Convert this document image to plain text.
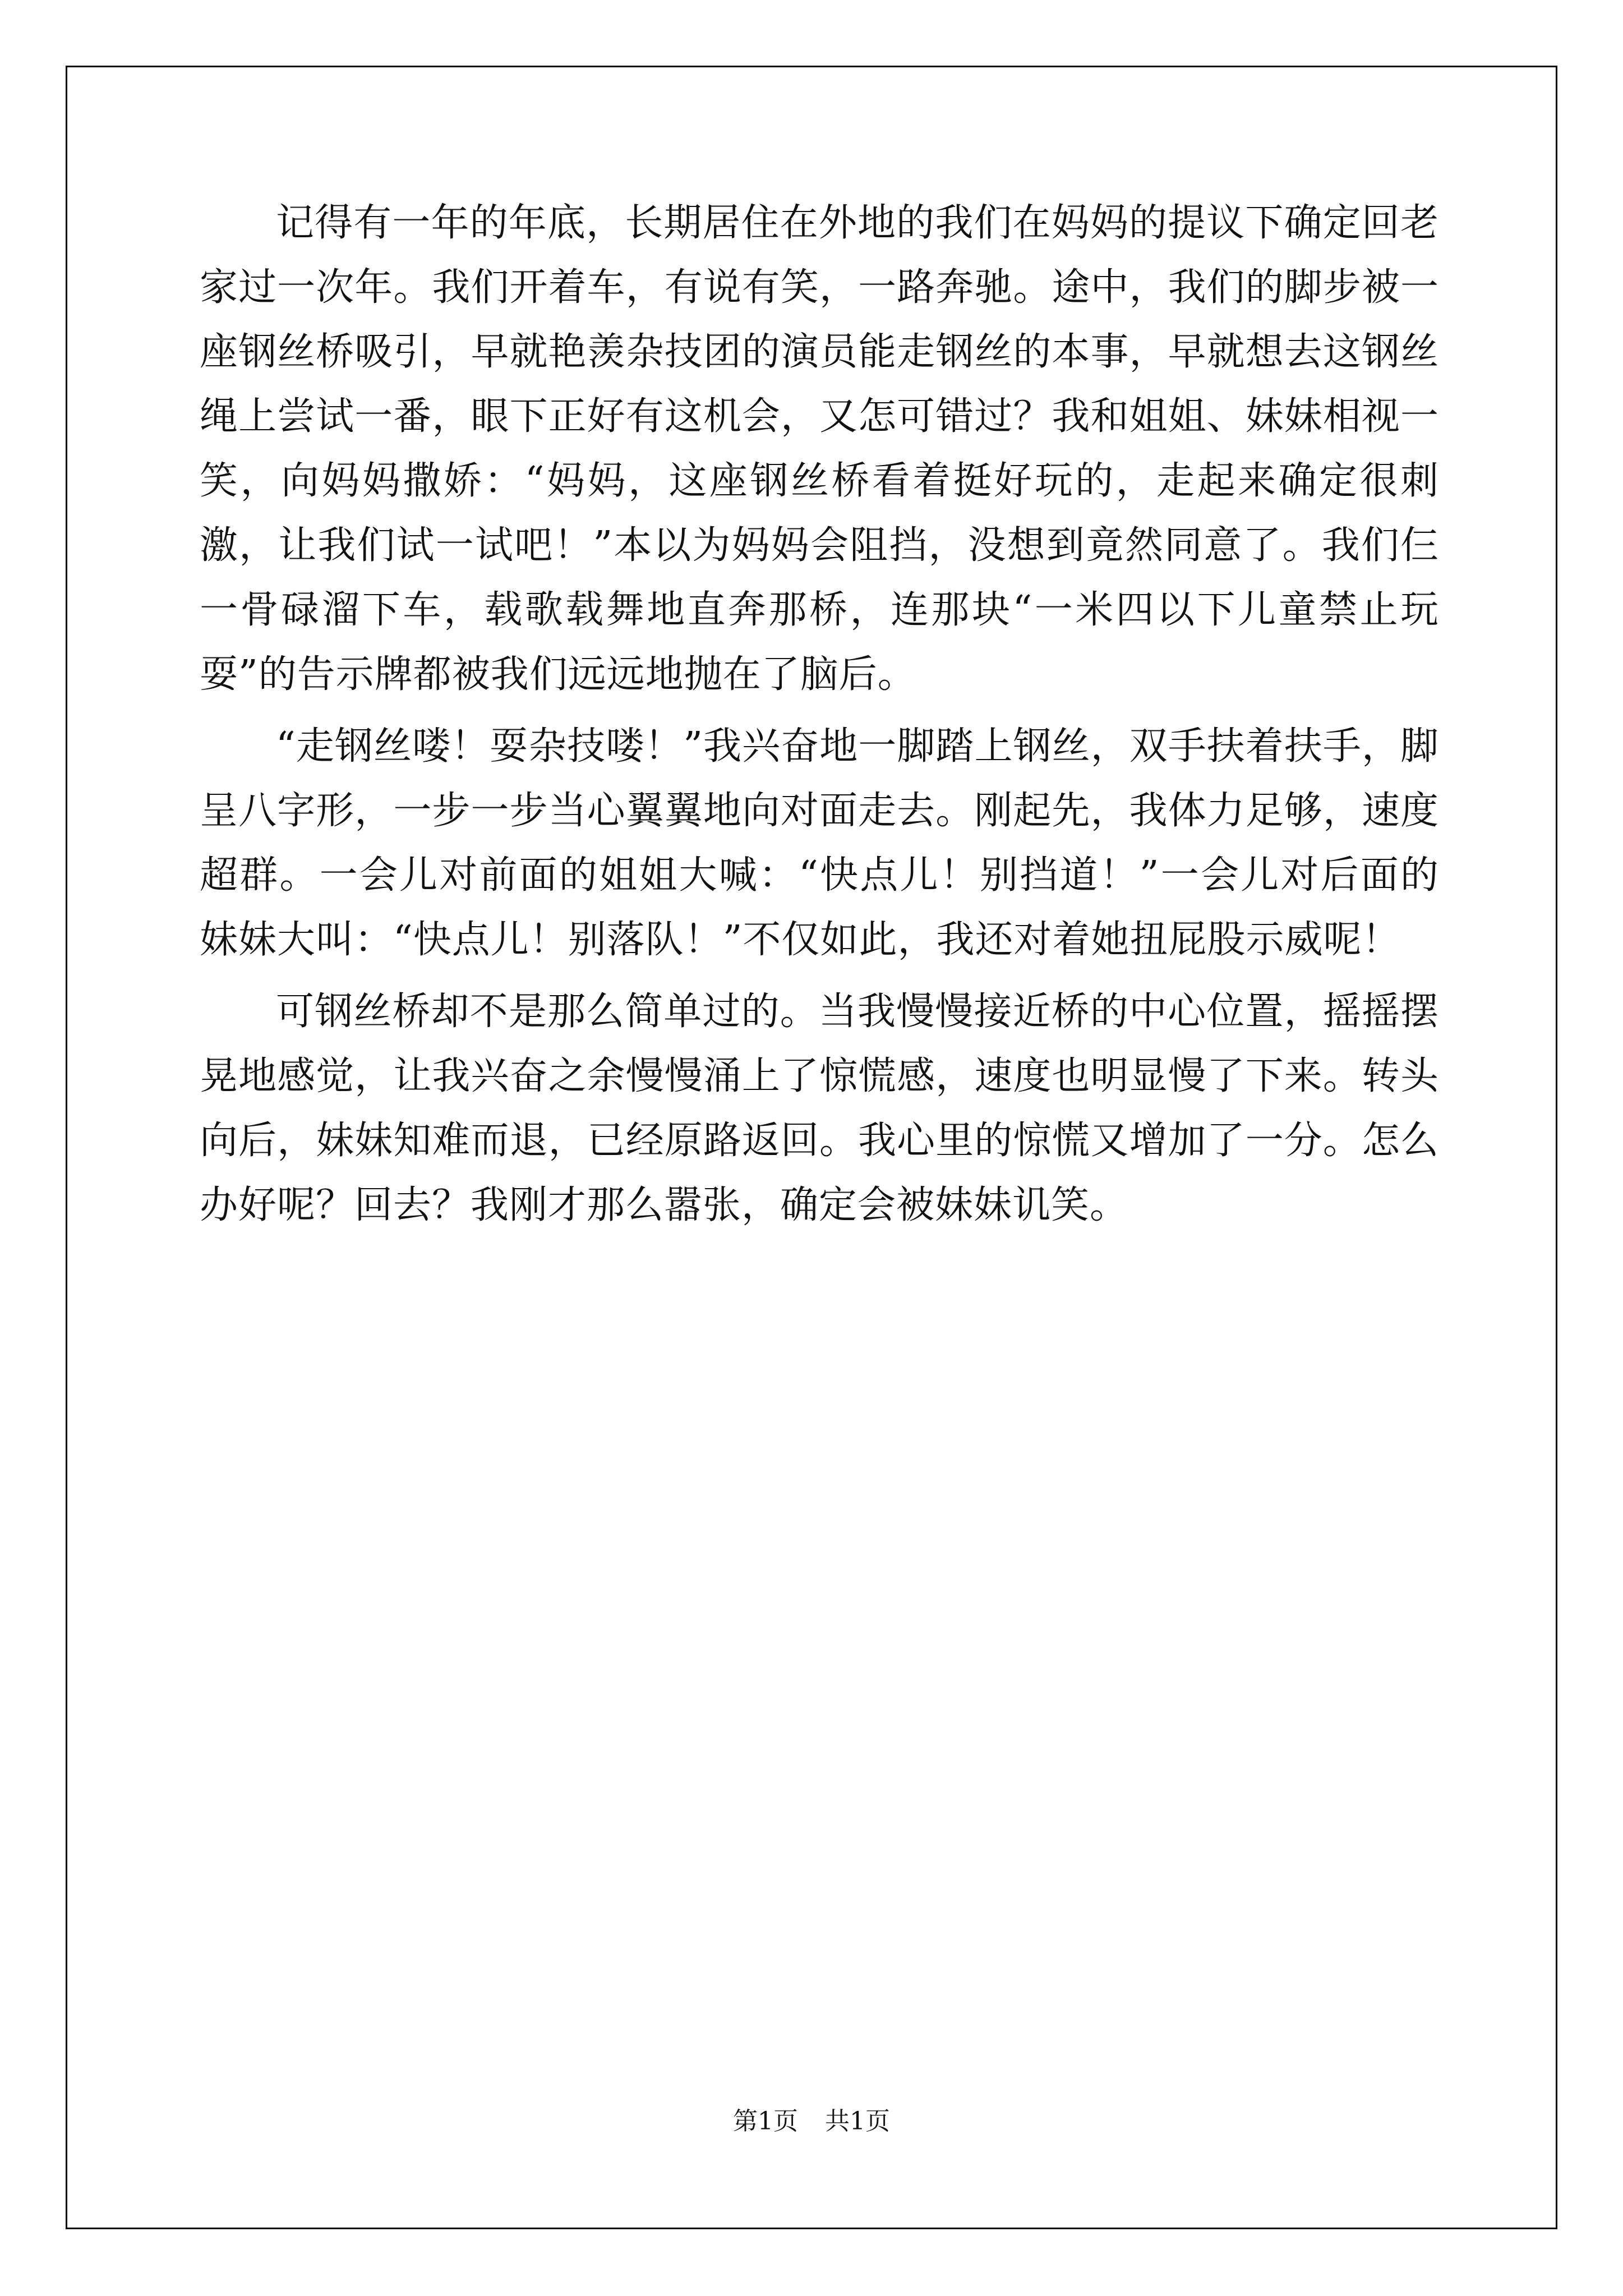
记得有一年的年底，长期居住在外地的我们在妈妈的提议下确定回老家过一次年。我们开着车，有说有笑，一路奔驰。途中，我们的脚步被一座钢丝桥吸引，早就艳羡杂技团的演员能走钢丝的本事，早就想去这钢丝绳上尝试一番，眼下正好有这机会，又怎可错过？我和姐姐、妹妹相视一笑，向妈妈撒娇：“妈妈，这座钢丝桥看着挺好玩的，走起来确定很刺激，让我们试一试吧！”本以为妈妈会阻挡，没想到竟然同意了。我们仨一骨碌溜下车，载歌载舞地直奔那桥，连那块“一米四以下儿童禁止玩耍”的告示牌都被我们远远地抛在了脑后。

“走钢丝喽！耍杂技喽！”我兴奋地一脚踏上钢丝，双手扶着扶手，脚呈八字形，一步一步当心翼翼地向对面走去。刚起先，我体力足够，速度超群。一会儿对前面的姐姐大喊：“快点儿！别挡道！”一会儿对后面的妹妹大叫：“快点儿！别落队！”不仅如此，我还对着她扭屁股示威呢！

可钢丝桥却不是那么简单过的。当我慢慢接近桥的中心位置，摇摇摆晃地感觉，让我兴奋之余慢慢涌上了惊慌感，速度也明显慢了下来。转头向后，妹妹知难而退，已经原路返回。我心里的惊慌又增加了一分。怎么办好呢？回去？我刚才那么嚣张，确定会被妹妹讥笑。

第1页 共1页
